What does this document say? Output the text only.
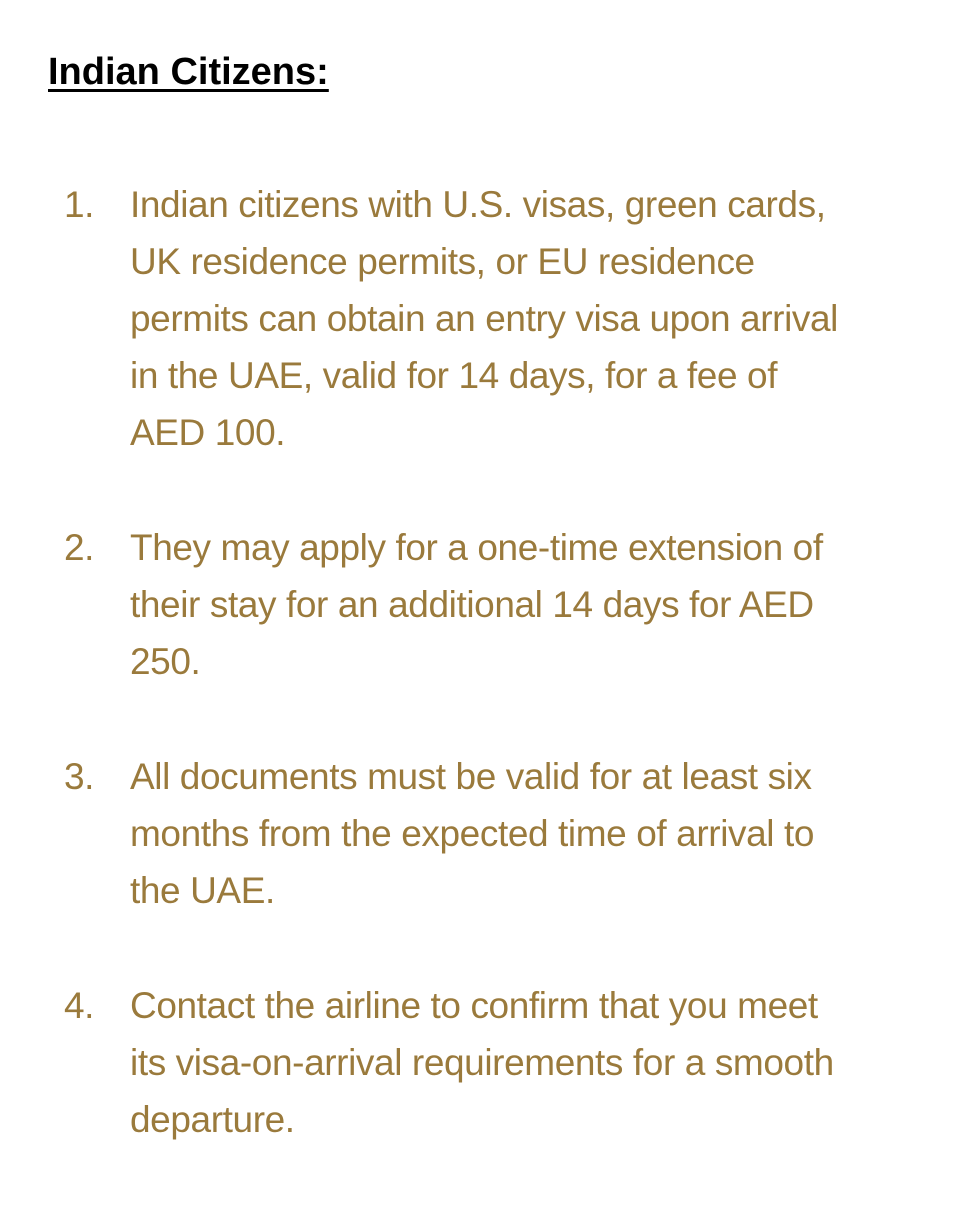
Indian Citizens:
1. Indian citizens with U.S. visas, green cards, UK residence permits, or EU residence permits can obtain an entry visa upon arrival in the UAE, valid for 14 days, for a fee of AED 100.
2. They may apply for a one-time extension of their stay for an additional 14 days for AED 250.
3. All documents must be valid for at least six months from the expected time of arrival to the UAE.
4. Contact the airline to confirm that you meet its visa-on-arrival requirements for a smooth departure.
